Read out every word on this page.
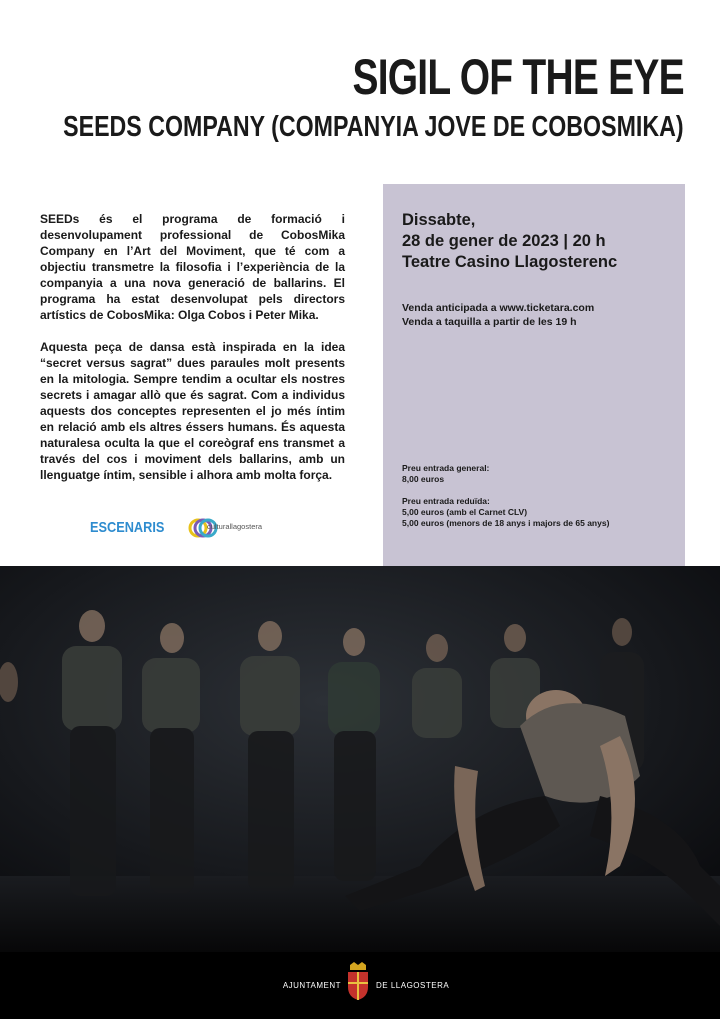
SIGIL OF THE EYE
SEEDS COMPANY (COMPANYIA JOVE DE COBOSMIKA)

SEEDs és el programa de formació i desenvolupament professional de CobosMika Company en l’Art del Moviment, que té com a objectiu transmetre la filosofia i l’experiència de la companyia a una nova generació de ballarins. El programa ha estat desenvolupat pels directors artístics de CobosMika: Olga Cobos i Peter Mika.

Aquesta peça de dansa està inspirada en la idea “secret versus sagrat” dues paraules molt presents en la mitologia. Sempre tendim a ocultar els nostres secrets i amagar allò que és sagrat. Com a individus aquests dos conceptes representen el jo més íntim en relació amb els altres éssers humans. És aquesta naturalesa oculta la que el coreògraf ens transmet a través del cos i moviment dels ballarins, amb un llenguatge íntim, sensible i alhora amb molta força.

Dissabte,
28 de gener de 2023 | 20 h
Teatre Casino Llagosterenc
Venda anticipada a www.ticketara.com
Venda a taquilla a partir de les 19 h
Preu entrada general:
8,00 euros
Preu entrada reduïda:
5,00 euros (amb el Carnet CLV)
5,00 euros (menors de 18 anys i majors de 65 anys)
ESCENARIS	culturallagostera
AJUNTAMENT	DE LLAGOSTERA
